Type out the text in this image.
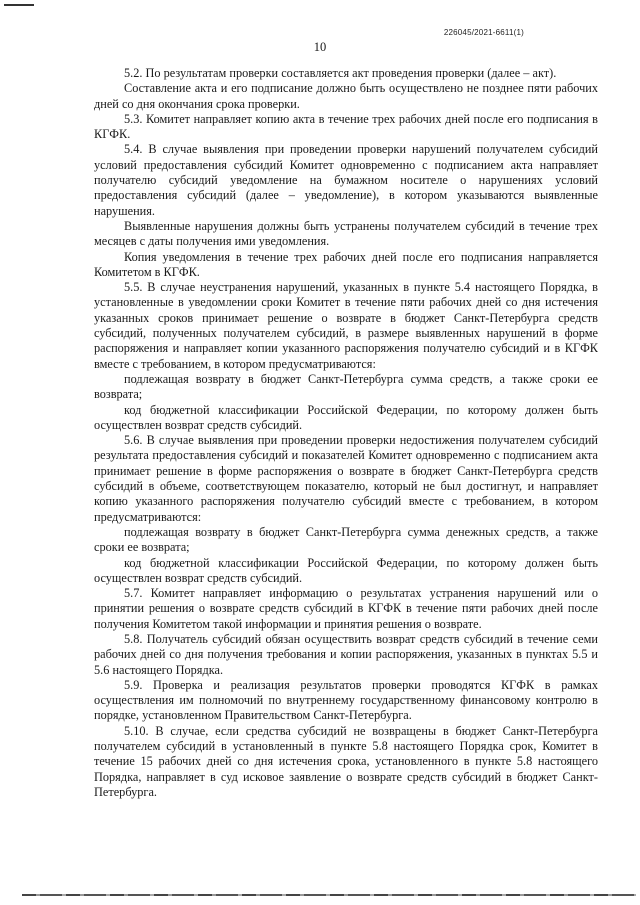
226045/2021-6611(1)
10

5.2. По результатам проверки составляется акт проведения проверки (далее – акт).

Составление акта и его подписание должно быть осуществлено не позднее пяти рабочих дней со дня окончания срока проверки.

5.3. Комитет направляет копию акта в течение трех рабочих дней после его подписания в КГФК.

5.4. В случае выявления при проведении проверки нарушений получателем субсидий условий предоставления субсидий Комитет одновременно с подписанием акта направляет получателю субсидий уведомление на бумажном носителе о нарушениях условий предоставления субсидий (далее – уведомление), в котором указываются выявленные нарушения.

Выявленные нарушения должны быть устранены получателем субсидий в течение трех месяцев с даты получения ими уведомления.

Копия уведомления в течение трех рабочих дней после его подписания направляется Комитетом в КГФК.

5.5. В случае неустранения нарушений, указанных в пункте 5.4 настоящего Порядка, в установленные в уведомлении сроки Комитет в течение пяти рабочих дней со дня истечения указанных сроков принимает решение о возврате в бюджет Санкт-Петербурга средств субсидий, полученных получателем субсидий, в размере выявленных нарушений в форме распоряжения и направляет копии указанного распоряжения получателю субсидий и в КГФК вместе с требованием, в котором предусматриваются:

подлежащая возврату в бюджет Санкт-Петербурга сумма средств, а также сроки ее возврата;

код бюджетной классификации Российской Федерации, по которому должен быть осуществлен возврат средств субсидий.

5.6. В случае выявления при проведении проверки недостижения получателем субсидий результата предоставления субсидий и показателей Комитет одновременно с подписанием акта принимает решение в форме распоряжения о возврате в бюджет Санкт-Петербурга средств субсидий в объеме, соответствующем показателю, который не был достигнут, и направляет копию указанного распоряжения получателю субсидий вместе с требованием, в котором предусматриваются:

подлежащая возврату в бюджет Санкт-Петербурга сумма денежных средств, а также сроки ее возврата;

код бюджетной классификации Российской Федерации, по которому должен быть осуществлен возврат средств субсидий.

5.7. Комитет направляет информацию о результатах устранения нарушений или о принятии решения о возврате средств субсидий в КГФК в течение пяти рабочих дней после получения Комитетом такой информации и принятия решения о возврате.

5.8. Получатель субсидий обязан осуществить возврат средств субсидий в течение семи рабочих дней со дня получения требования и копии распоряжения, указанных в пунктах 5.5 и 5.6 настоящего Порядка.

5.9. Проверка и реализация результатов проверки проводятся КГФК в рамках осуществления им полномочий по внутреннему государственному финансовому контролю в порядке, установленном Правительством Санкт-Петербурга.

5.10. В случае, если средства субсидий не возвращены в бюджет Санкт-Петербурга получателем субсидий в установленный в пункте 5.8 настоящего Порядка срок, Комитет в течение 15 рабочих дней со дня истечения срока, установленного в пункте 5.8 настоящего Порядка, направляет в суд исковое заявление о возврате средств субсидий в бюджет Санкт-Петербурга.
